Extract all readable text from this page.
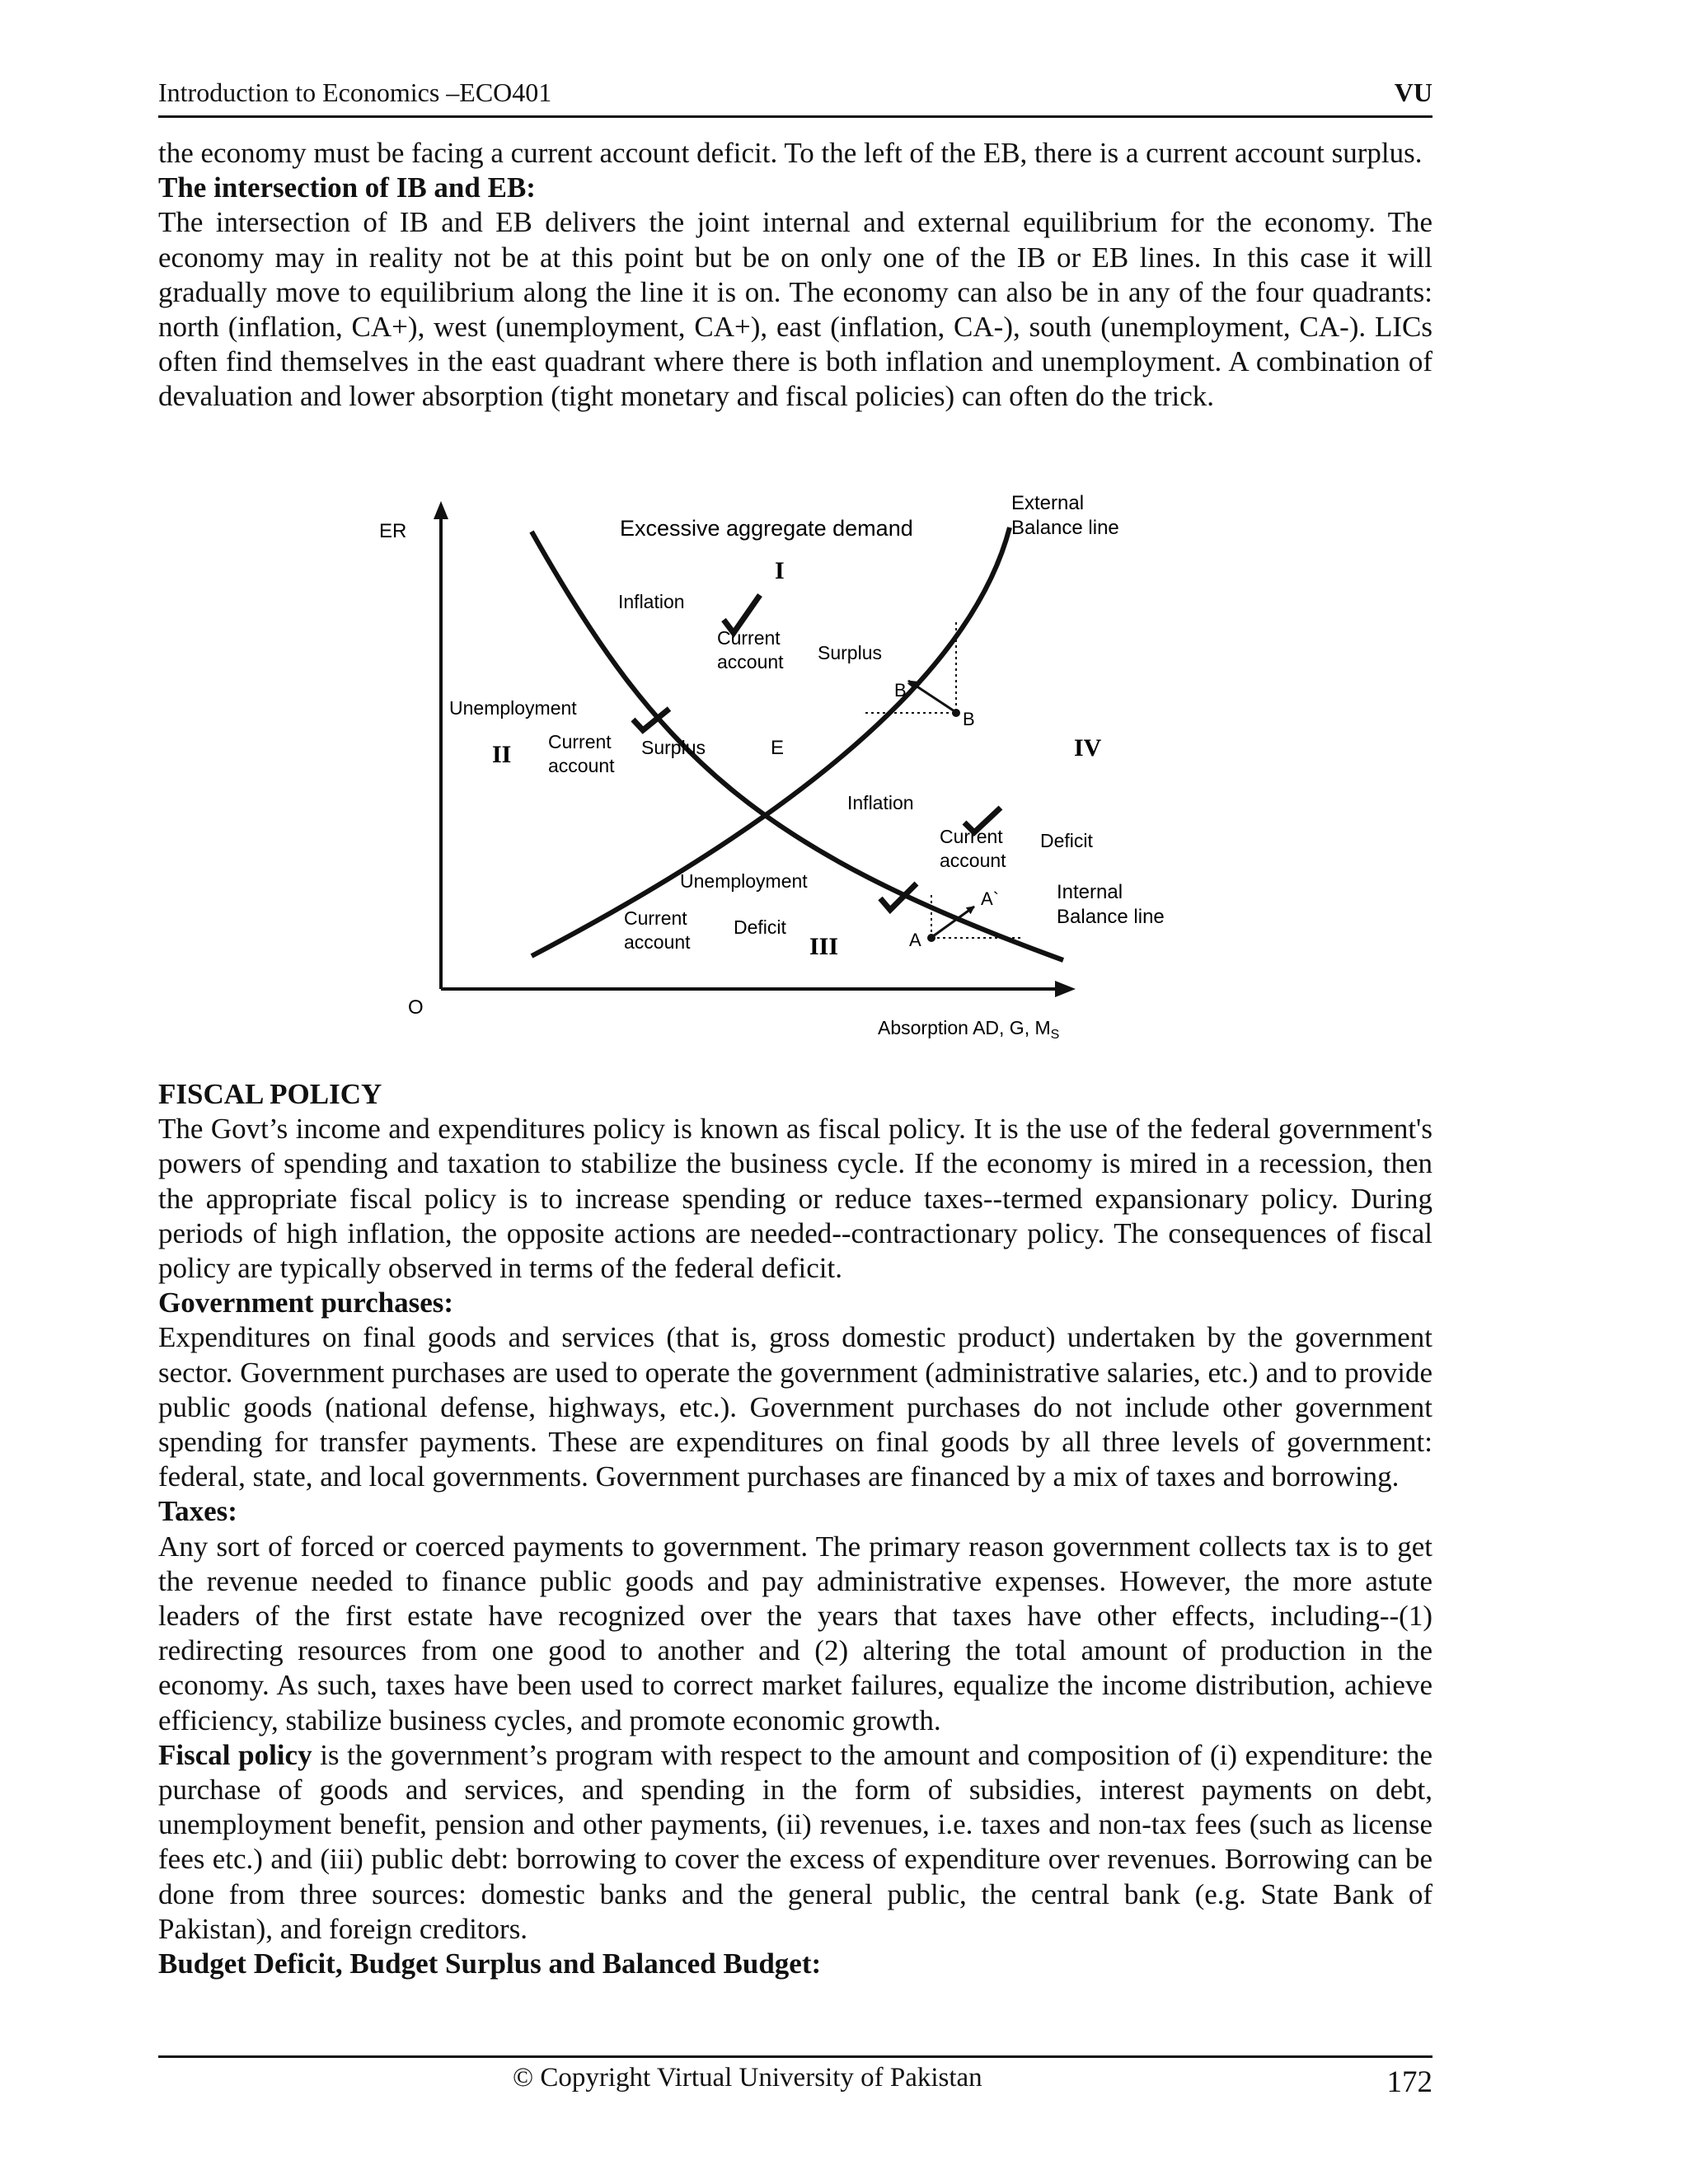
Introduction to Economics –ECO401	VU

the economy must be facing a current account deficit. To the left of the EB, there is a current account surplus.

The intersection of IB and EB:

The intersection of IB and EB delivers the joint internal and external equilibrium for the economy. The economy may in reality not be at this point but be on only one of the IB or EB lines. In this case it will gradually move to equilibrium along the line it is on. The economy can also be in any of the four quadrants: north (inflation, CA+), west (unemployment, CA+), east (inflation, CA-), south (unemployment, CA-). LICs often find themselves in the east quadrant where there is both inflation and unemployment. A combination of devaluation and lower absorption (tight monetary and fiscal policies) can often do the trick.

ER
O
Absorption AD, G, $M_S$
Excessive aggregate demand
External
Balance line
Internal
Balance line
E
I
Inflation
Current
account Surplus
II
Unemployment
Current
account
Surplus
III
Unemployment
Current
account
Deficit
IV
Inflation
Current
account
Deficit
B
B`
A
A`

FISCAL POLICY

The Govt’s income and expenditures policy is known as fiscal policy. It is the use of the federal government's powers of spending and taxation to stabilize the business cycle. If the economy is mired in a recession, then the appropriate fiscal policy is to increase spending or reduce taxes--termed expansionary policy. During periods of high inflation, the opposite actions are needed--contractionary policy. The consequences of fiscal policy are typically observed in terms of the federal deficit.

Government purchases:

Expenditures on final goods and services (that is, gross domestic product) undertaken by the government sector. Government purchases are used to operate the government (administrative salaries, etc.) and to provide public goods (national defense, highways, etc.). Government purchases do not include other government spending for transfer payments. These are expenditures on final goods by all three levels of government: federal, state, and local governments. Government purchases are financed by a mix of taxes and borrowing.

Taxes:

Any sort of forced or coerced payments to government. The primary reason government collects tax is to get the revenue needed to finance public goods and pay administrative expenses. However, the more astute leaders of the first estate have recognized over the years that taxes have other effects, including--(1) redirecting resources from one good to another and (2) altering the total amount of production in the economy. As such, taxes have been used to correct market failures, equalize the income distribution, achieve efficiency, stabilize business cycles, and promote economic growth.

Fiscal policy is the government’s program with respect to the amount and composition of (i) expenditure: the purchase of goods and services, and spending in the form of subsidies, interest payments on debt, unemployment benefit, pension and other payments, (ii) revenues, i.e. taxes and non-tax fees (such as license fees etc.) and (iii) public debt: borrowing to cover the excess of expenditure over revenues. Borrowing can be done from three sources: domestic banks and the general public, the central bank (e.g. State Bank of Pakistan), and foreign creditors.

Budget Deficit, Budget Surplus and Balanced Budget:

© Copyright Virtual University of Pakistan	172
